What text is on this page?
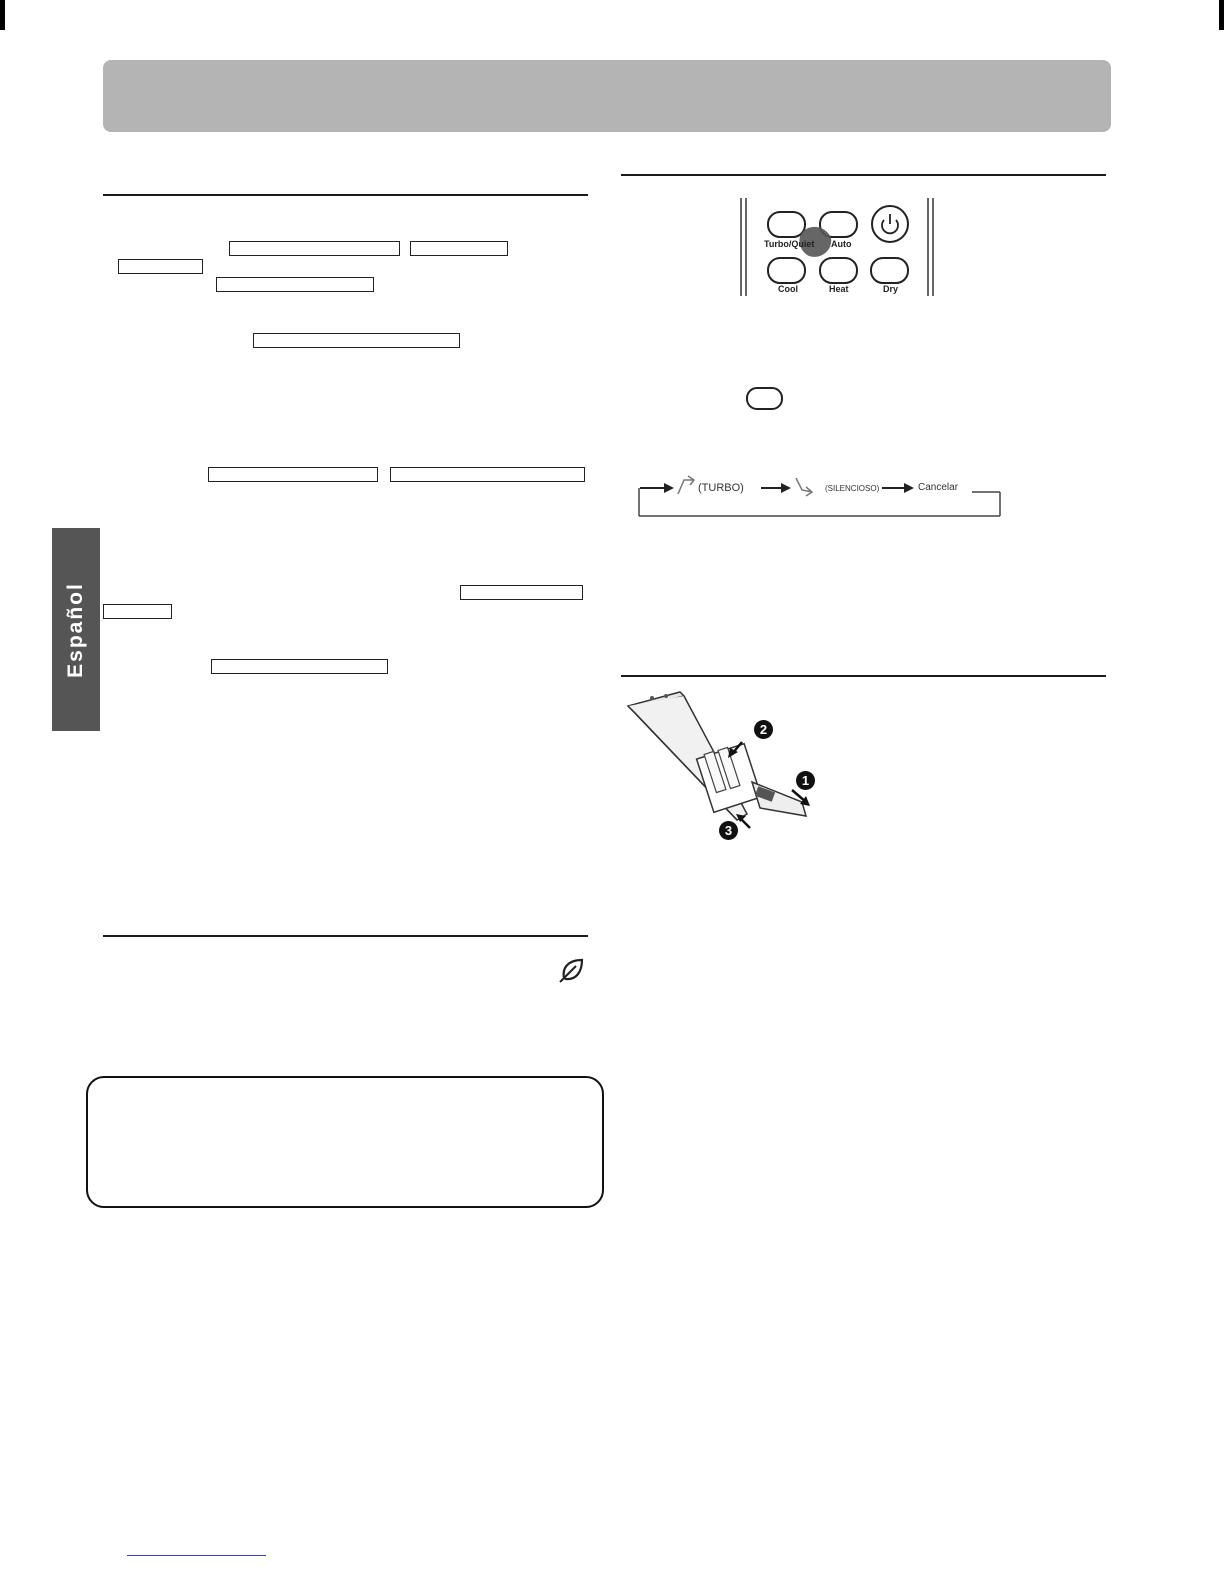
Español
Turbo/Quiet Auto
Cool	Heat	Dry
(TURBO)	(SILENCIOSO)	Cancelar
2
1
3
